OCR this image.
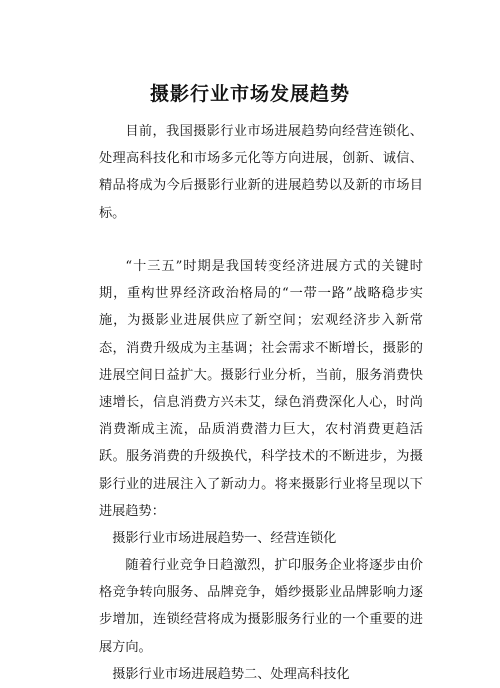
摄影行业市场发展趋势

目前，我国摄影行业市场进展趋势向经营连锁化、处理高科技化和市场多元化等方向进展，创新、诚信、精品将成为今后摄影行业新的进展趋势以及新的市场目标。

“十三五”时期是我国转变经济进展方式的关键时期，重构世界经济政治格局的“一带一路”战略稳步实施，为摄影业进展供应了新空间；宏观经济步入新常态，消费升级成为主基调；社会需求不断增长，摄影的进展空间日益扩大。摄影行业分析，当前，服务消费快速增长，信息消费方兴未艾，绿色消费深化人心，时尚消费渐成主流，品质消费潜力巨大，农村消费更趋活跃。服务消费的升级换代，科学技术的不断进步，为摄影行业的进展注入了新动力。将来摄影行业将呈现以下进展趋势：

摄影行业市场进展趋势一、经营连锁化

随着行业竞争日趋激烈，扩印服务企业将逐步由价格竞争转向服务、品牌竞争，婚纱摄影业品牌影响力逐步增加，连锁经营将成为摄影服务行业的一个重要的进展方向。

摄影行业市场进展趋势二、处理高科技化
